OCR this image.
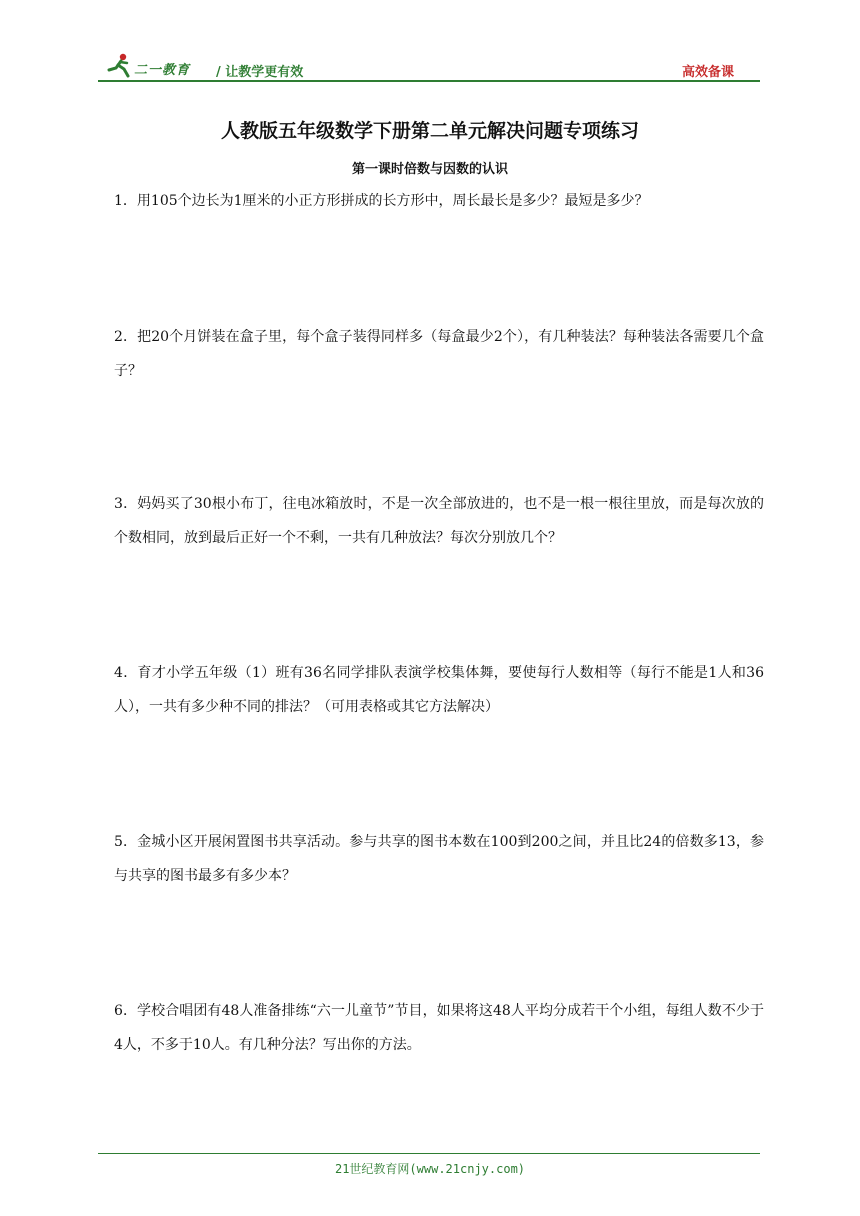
二一教育 / 让教学更有效	高效备课
人教版五年级数学下册第二单元解决问题专项练习
第一课时倍数与因数的认识

1．用105个边长为1厘米的小正方形拼成的长方形中，周长最长是多少？最短是多少？

2．把20个月饼装在盒子里，每个盒子装得同样多（每盒最少2个），有几种装法？每种装法各需要几个盒子？

3．妈妈买了30根小布丁，往电冰箱放时，不是一次全部放进的，也不是一根一根往里放，而是每次放的个数相同，放到最后正好一个不剩，一共有几种放法？每次分别放几个？

4．育才小学五年级（1）班有36名同学排队表演学校集体舞，要使每行人数相等（每行不能是1人和36人），一共有多少种不同的排法？（可用表格或其它方法解决）

5．金城小区开展闲置图书共享活动。参与共享的图书本数在100到200之间，并且比24的倍数多13，参与共享的图书最多有多少本？

6．学校合唱团有48人准备排练“六一儿童节”节目，如果将这48人平均分成若干个小组，每组人数不少于4人，不多于10人。有几种分法？写出你的方法。

21世纪教育网(www.21cnjy.com)
